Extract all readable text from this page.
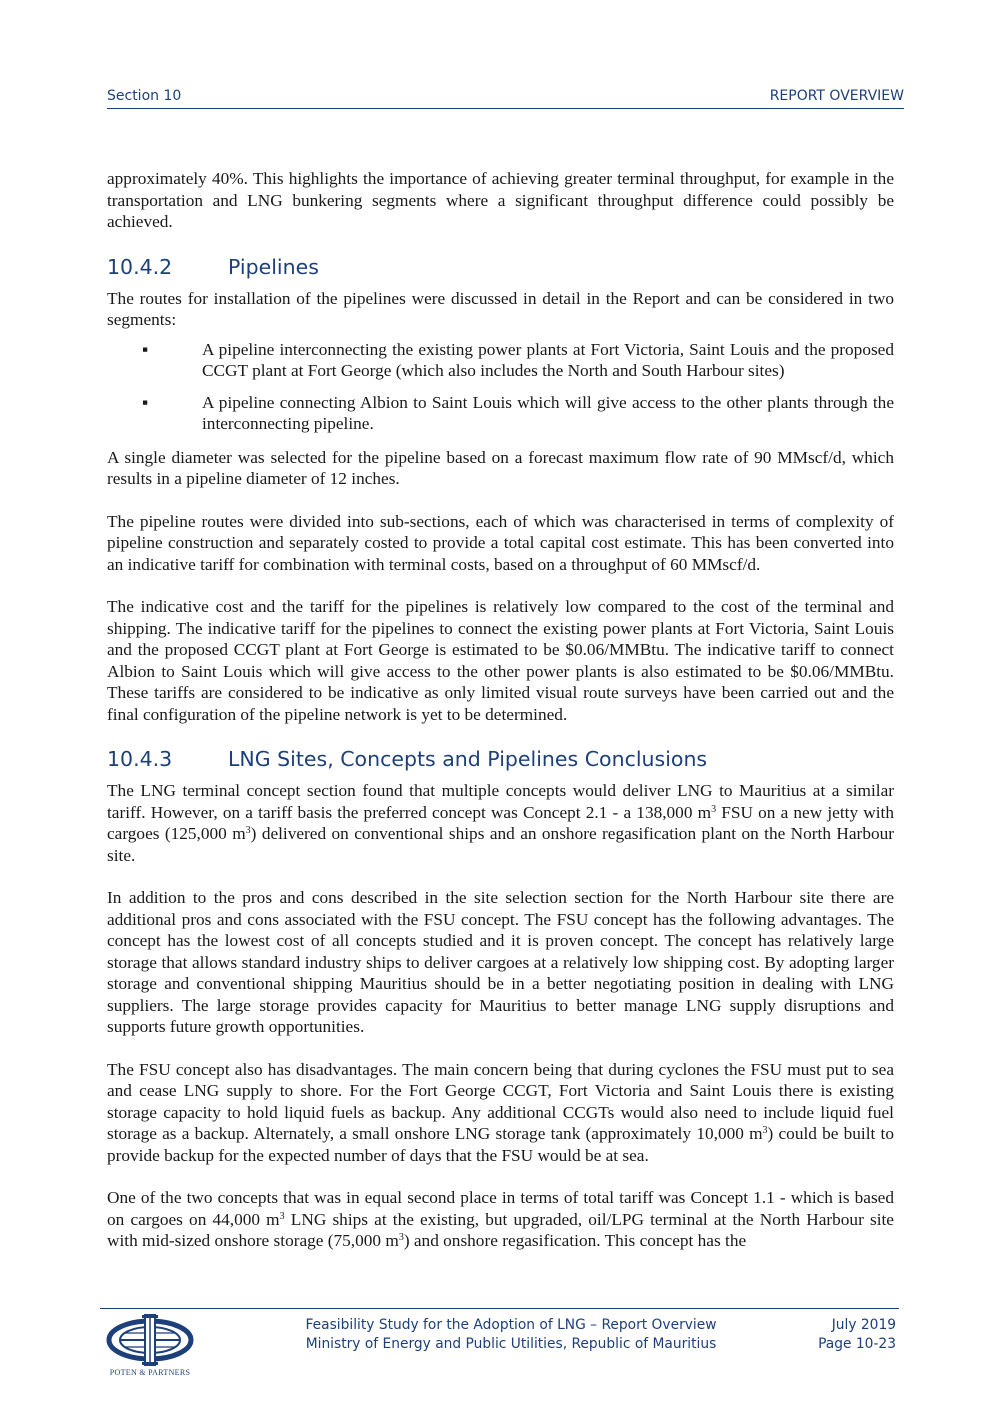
Section 10	REPORT OVERVIEW

approximately 40%. This highlights the importance of achieving greater terminal throughput, for example in the transportation and LNG bunkering segments where a significant throughput difference could possibly be achieved.

10.4.2	Pipelines

The routes for installation of the pipelines were discussed in detail in the Report and can be considered in two segments:

▪	A pipeline interconnecting the existing power plants at Fort Victoria, Saint Louis and the proposed CCGT plant at Fort George (which also includes the North and South Harbour sites)
▪	A pipeline connecting Albion to Saint Louis which will give access to the other plants through the interconnecting pipeline.

A single diameter was selected for the pipeline based on a forecast maximum flow rate of 90 MMscf/d, which results in a pipeline diameter of 12 inches.

The pipeline routes were divided into sub-sections, each of which was characterised in terms of complexity of pipeline construction and separately costed to provide a total capital cost estimate. This has been converted into an indicative tariff for combination with terminal costs, based on a throughput of 60 MMscf/d.

The indicative cost and the tariff for the pipelines is relatively low compared to the cost of the terminal and shipping. The indicative tariff for the pipelines to connect the existing power plants at Fort Victoria, Saint Louis and the proposed CCGT plant at Fort George is estimated to be $0.06/MMBtu. The indicative tariff to connect Albion to Saint Louis which will give access to the other power plants is also estimated to be $0.06/MMBtu. These tariffs are considered to be indicative as only limited visual route surveys have been carried out and the final configuration of the pipeline network is yet to be determined.

10.4.3	LNG Sites, Concepts and Pipelines Conclusions

The LNG terminal concept section found that multiple concepts would deliver LNG to Mauritius at a similar tariff. However, on a tariff basis the preferred concept was Concept 2.1 - a 138,000 $m^3$ FSU on a new jetty with cargoes (125,000 $m^3$) delivered on conventional ships and an onshore regasification plant on the North Harbour site.

In addition to the pros and cons described in the site selection section for the North Harbour site there are additional pros and cons associated with the FSU concept. The FSU concept has the following advantages. The concept has the lowest cost of all concepts studied and it is proven concept. The concept has relatively large storage that allows standard industry ships to deliver cargoes at a relatively low shipping cost. By adopting larger storage and conventional shipping Mauritius should be in a better negotiating position in dealing with LNG suppliers. The large storage provides capacity for Mauritius to better manage LNG supply disruptions and supports future growth opportunities.

The FSU concept also has disadvantages. The main concern being that during cyclones the FSU must put to sea and cease LNG supply to shore. For the Fort George CCGT, Fort Victoria and Saint Louis there is existing storage capacity to hold liquid fuels as backup. Any additional CCGTs would also need to include liquid fuel storage as a backup. Alternately, a small onshore LNG storage tank (approximately 10,000 $m^3$) could be built to provide backup for the expected number of days that the FSU would be at sea.

One of the two concepts that was in equal second place in terms of total tariff was Concept 1.1 - which is based on cargoes on 44,000 $m^3$ LNG ships at the existing, but upgraded, oil/LPG terminal at the North Harbour site with mid-sized onshore storage (75,000 $m^3$) and onshore regasification. This concept has the

POTEN & PARTNERS
Feasibility Study for the Adoption of LNG – Report Overview
Ministry of Energy and Public Utilities, Republic of Mauritius
July 2019
Page 10-23
